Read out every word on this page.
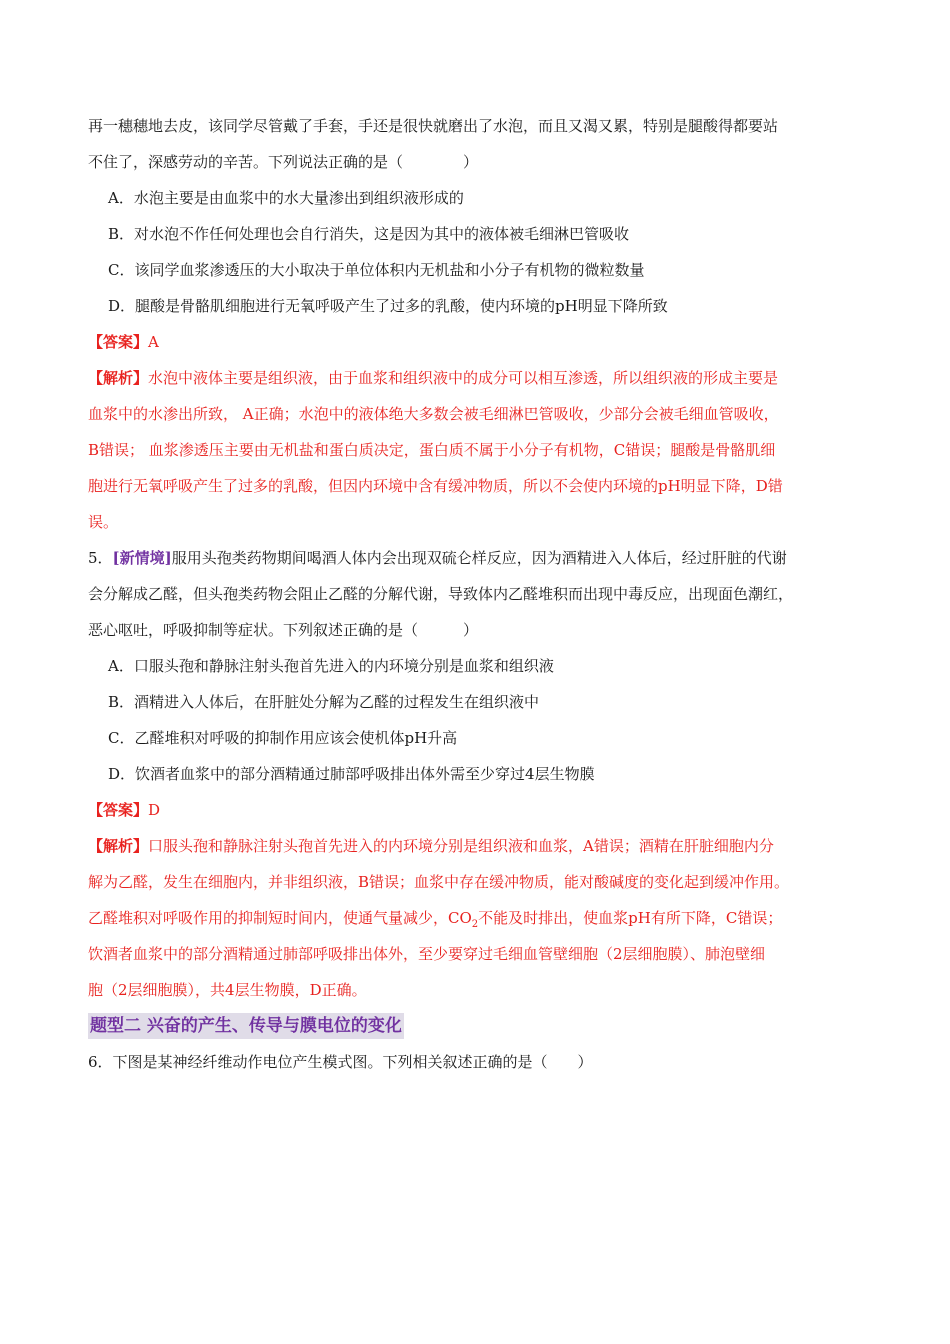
再一穗穗地去皮，该同学尽管戴了手套，手还是很快就磨出了水泡，而且又渴又累，特别是腿酸得都要站
不住了，深感劳动的辛苦。下列说法正确的是（　　　　）
A．水泡主要是由血浆中的水大量渗出到组织液形成的
B．对水泡不作任何处理也会自行消失，这是因为其中的液体被毛细淋巴管吸收
C．该同学血浆渗透压的大小取决于单位体积内无机盐和小分子有机物的微粒数量
D．腿酸是骨骼肌细胞进行无氧呼吸产生了过多的乳酸，使内环境的pH明显下降所致
【答案】A
【解析】水泡中液体主要是组织液，由于血浆和组织液中的成分可以相互渗透，所以组织液的形成主要是
血浆中的水渗出所致， A正确；水泡中的液体绝大多数会被毛细淋巴管吸收，少部分会被毛细血管吸收，
B错误； 血浆渗透压主要由无机盐和蛋白质决定，蛋白质不属于小分子有机物，C错误；腿酸是骨骼肌细
胞进行无氧呼吸产生了过多的乳酸，但因内环境中含有缓冲物质，所以不会使内环境的pH明显下降，D错
误。
5．[新情境]服用头孢类药物期间喝酒人体内会出现双硫仑样反应，因为酒精进入人体后，经过肝脏的代谢
会分解成乙醛，但头孢类药物会阻止乙醛的分解代谢，导致体内乙醛堆积而出现中毒反应，出现面色潮红，
恶心呕吐，呼吸抑制等症状。下列叙述正确的是（　　　）
A．口服头孢和静脉注射头孢首先进入的内环境分别是血浆和组织液
B．酒精进入人体后，在肝脏处分解为乙醛的过程发生在组织液中
C．乙醛堆积对呼吸的抑制作用应该会使机体pH升高
D．饮酒者血浆中的部分酒精通过肺部呼吸排出体外需至少穿过4层生物膜
【答案】D
【解析】口服头孢和静脉注射头孢首先进入的内环境分别是组织液和血浆，A错误；酒精在肝脏细胞内分
解为乙醛，发生在细胞内，并非组织液，B错误；血浆中存在缓冲物质，能对酸碱度的变化起到缓冲作用。
乙醛堆积对呼吸作用的抑制短时间内，使通气量减少，$CO_2$不能及时排出，使血浆pH有所下降，C错误；
饮酒者血浆中的部分酒精通过肺部呼吸排出体外，至少要穿过毛细血管壁细胞（2层细胞膜）、肺泡壁细
胞（2层细胞膜），共4层生物膜，D正确。
题型二 兴奋的产生、传导与膜电位的变化
6．下图是某神经纤维动作电位产生模式图。下列相关叙述正确的是（　　）
